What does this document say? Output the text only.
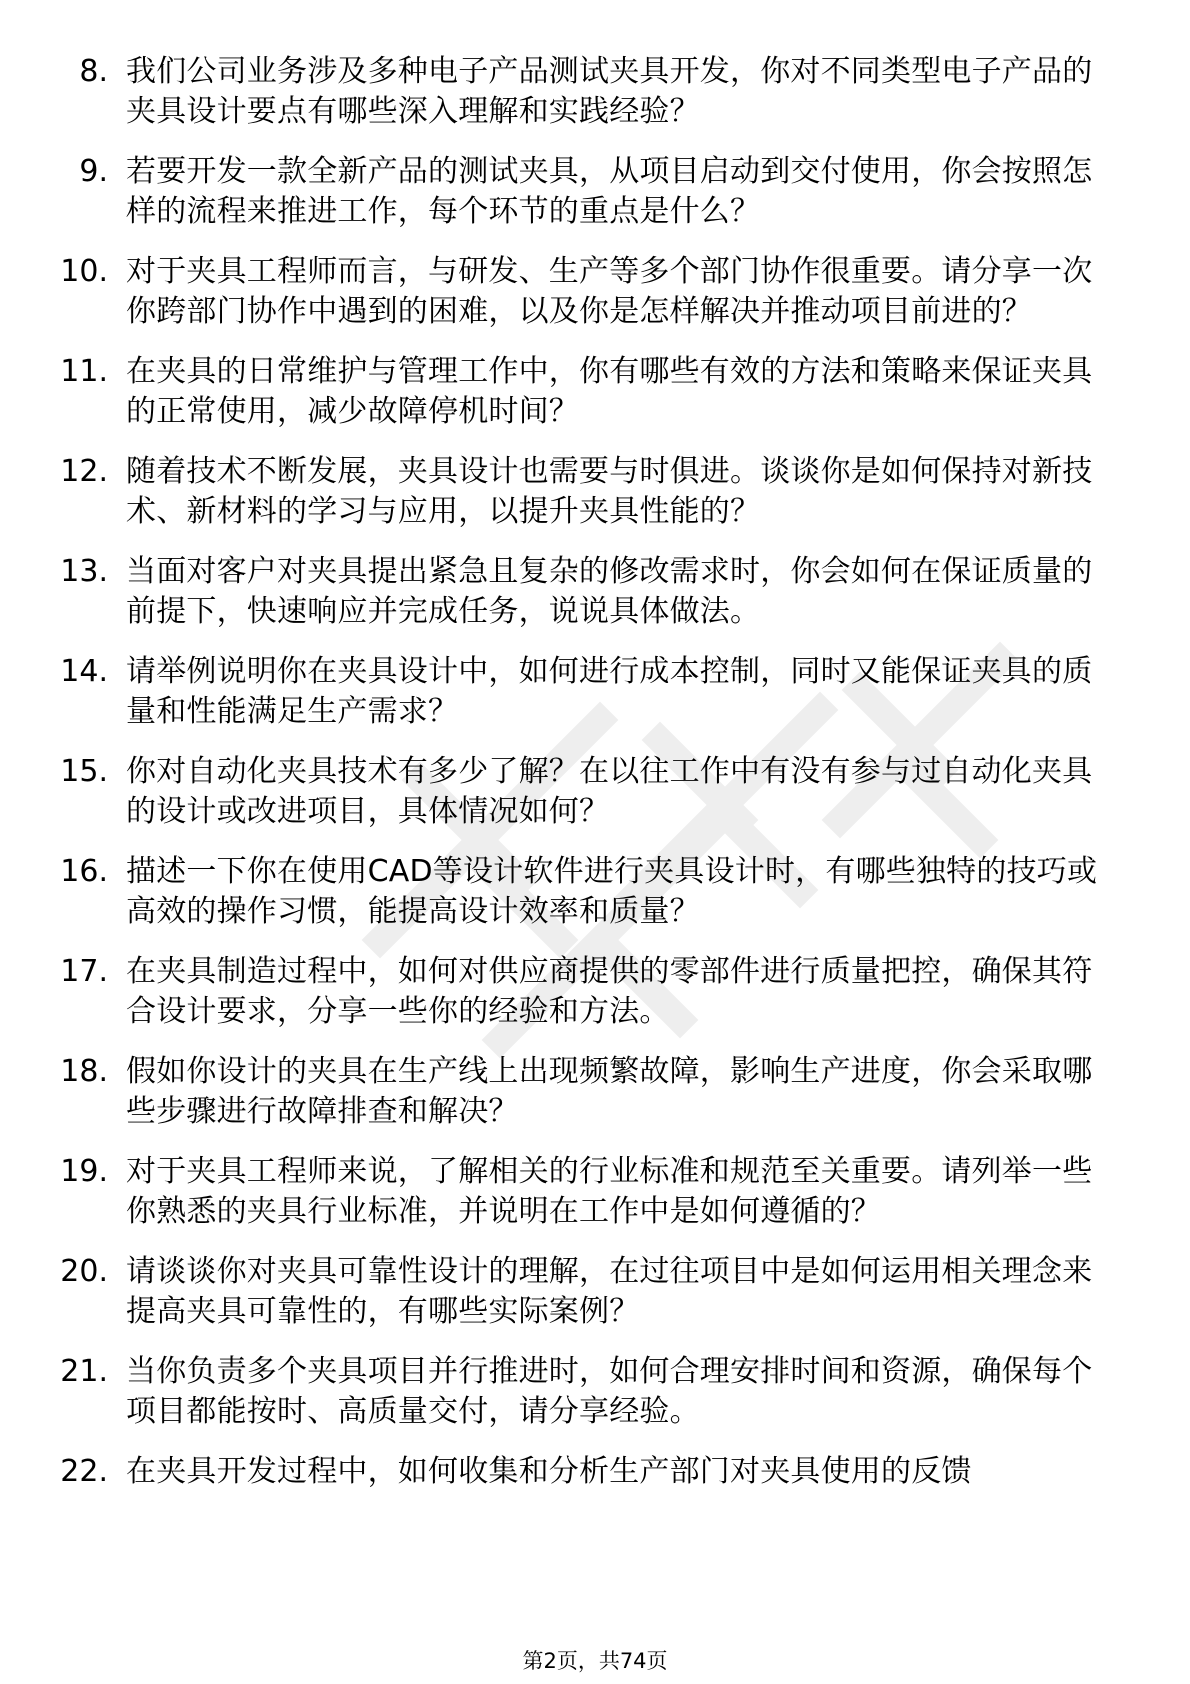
8. 我们公司业务涉及多种电子产品测试夹具开发，你对不同类型电子产品的夹具设计要点有哪些深入理解和实践经验？
9. 若要开发一款全新产品的测试夹具，从项目启动到交付使用，你会按照怎样的流程来推进工作，每个环节的重点是什么？
10. 对于夹具工程师而言，与研发、生产等多个部门协作很重要。请分享一次你跨部门协作中遇到的困难，以及你是怎样解决并推动项目前进的？
11. 在夹具的日常维护与管理工作中，你有哪些有效的方法和策略来保证夹具的正常使用，减少故障停机时间？
12. 随着技术不断发展，夹具设计也需要与时俱进。谈谈你是如何保持对新技术、新材料的学习与应用，以提升夹具性能的？
13. 当面对客户对夹具提出紧急且复杂的修改需求时，你会如何在保证质量的前提下，快速响应并完成任务，说说具体做法。
14. 请举例说明你在夹具设计中，如何进行成本控制，同时又能保证夹具的质量和性能满足生产需求？
15. 你对自动化夹具技术有多少了解？在以往工作中有没有参与过自动化夹具的设计或改进项目，具体情况如何？
16. 描述一下你在使用CAD等设计软件进行夹具设计时，有哪些独特的技巧或高效的操作习惯，能提高设计效率和质量？
17. 在夹具制造过程中，如何对供应商提供的零部件进行质量把控，确保其符合设计要求，分享一些你的经验和方法。
18. 假如你设计的夹具在生产线上出现频繁故障，影响生产进度，你会采取哪些步骤进行故障排查和解决？
19. 对于夹具工程师来说，了解相关的行业标准和规范至关重要。请列举一些你熟悉的夹具行业标准，并说明在工作中是如何遵循的？
20. 请谈谈你对夹具可靠性设计的理解，在过往项目中是如何运用相关理念来提高夹具可靠性的，有哪些实际案例？
21. 当你负责多个夹具项目并行推进时，如何合理安排时间和资源，确保每个项目都能按时、高质量交付，请分享经验。
22. 在夹具开发过程中，如何收集和分析生产部门对夹具使用的反馈
第2页，共74页
